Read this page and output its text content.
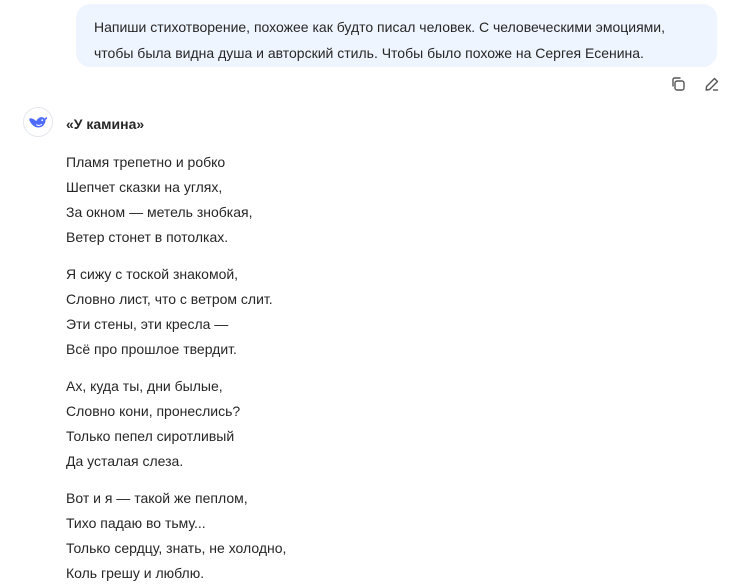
Напиши стихотворение, похожее как будто писал человек. С человеческими эмоциями,

чтобы была видна душа и авторский стиль. Чтобы было похоже на Сергея Есенина.

«У камина»

Пламя трепетно и робко

Шепчет сказки на углях,

За окном — метель знобкая,

Ветер стонет в потолках.

Я сижу с тоской знакомой,

Словно лист, что с ветром слит.

Эти стены, эти кресла —

Всё про прошлое твердит.

Ах, куда ты, дни былые,

Словно кони, пронеслись?

Только пепел сиротливый

Да усталая слеза.

Вот и я — такой же пеплом,

Тихо падаю во тьму...

Только сердцу, знать, не холодно,

Коль грешу и люблю.
